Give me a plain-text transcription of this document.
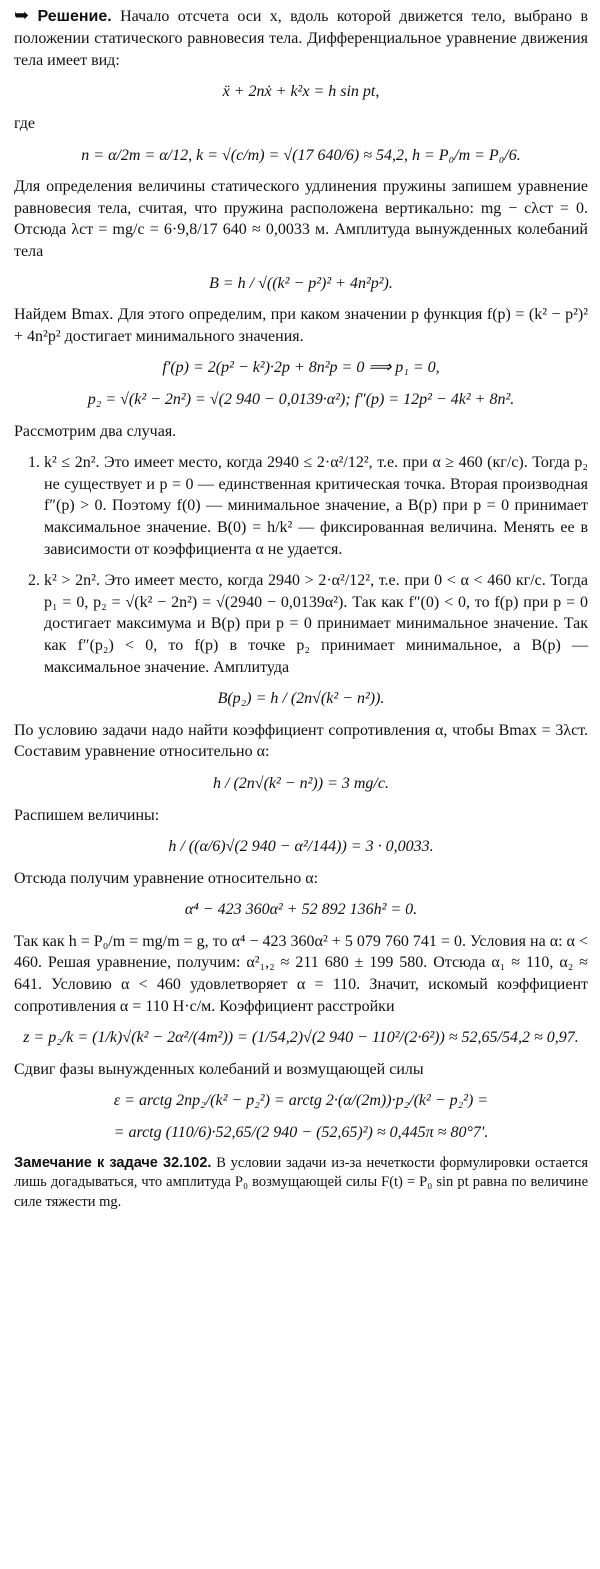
➥ Решение. Начало отсчета оси x, вдоль которой движется тело, выбрано в положении статического равновесия тела. Дифференциальное уравнение движения тела имеет вид:

ẍ + 2nẋ + k²x = h sin pt,

где

n = α/2m = α/12, k = √(c/m) = √(17 640/6) ≈ 54,2, h = P₀/m = P₀/6.

Для определения величины статического удлинения пружины запишем уравнение равновесия тела, считая, что пружина расположена вертикально: mg − cλст = 0. Отсюда λст = mg/c = 6·9,8/17 640 ≈ 0,0033 м. Амплитуда вынужденных колебаний тела

B = h / √((k² − p²)² + 4n²p²).

Найдем Bmax. Для этого определим, при каком значении p функция f(p) = (k² − p²)² + 4n²p² достигает минимального значения.

f′(p) = 2(p² − k²)·2p + 8n²p = 0 ⟹ p₁ = 0,
p₂ = √(k² − 2n²) = √(2 940 − 0,0139·α²); f″(p) = 12p² − 4k² + 8n².

Рассмотрим два случая.

1. k² ≤ 2n². Это имеет место, когда 2940 ≤ 2·α²/12², т.е. при α ≥ 460 (кг/с). Тогда p₂ не существует и p = 0 — единственная критическая точка. Вторая производная f″(p) > 0. Поэтому f(0) — минимальное значение, а B(p) при p = 0 принимает максимальное значение. B(0) = h/k² — фиксированная величина. Менять ее в зависимости от коэффициента α не удается.
2. k² > 2n². Это имеет место, когда 2940 > 2·α²/12², т.е. при 0 < α < 460 кг/с. Тогда p₁ = 0, p₂ = √(k² − 2n²) = √(2940 − 0,0139α²). Так как f″(0) < 0, то f(p) при p = 0 достигает максимума и B(p) при p = 0 принимает минимальное значение. Так как f″(p₂) < 0, то f(p) в точке p₂ принимает минимальное, а B(p) — максимальное значение. Амплитуда
B(p₂) = h / (2n√(k² − n²)).

По условию задачи надо найти коэффициент сопротивления α, чтобы Bmax = 3λст. Составим уравнение относительно α:

h / (2n√(k² − n²)) = 3 mg/c.

Распишем величины:

h / ((α/6)√(2 940 − α²/144)) = 3 · 0,0033.

Отсюда получим уравнение относительно α:

α⁴ − 423 360α² + 52 892 136h² = 0.

Так как h = P₀/m = mg/m = g, то α⁴ − 423 360α² + 5 079 760 741 = 0. Условия на α: α < 460. Решая уравнение, получим: α²₁,₂ ≈ 211 680 ± 199 580. Отсюда α₁ ≈ 110, α₂ ≈ 641. Условию α < 460 удовлетворяет α = 110. Значит, искомый коэффициент сопротивления α = 110 Н·с/м. Коэффициент расстройки

z = p₂/k = (1/k)√(k² − 2α²/(4m²)) = (1/54,2)√(2 940 − 110²/(2·6²)) ≈ 52,65/54,2 ≈ 0,97.

Сдвиг фазы вынужденных колебаний и возмущающей силы

ε = arctg 2np₂/(k² − p₂²) = arctg 2·(α/(2m))·p₂/(k² − p₂²) =
= arctg (110/6)·52,65/(2 940 − (52,65)²) ≈ 0,445π ≈ 80°7′.

Замечание к задаче 32.102. В условии задачи из-за нечеткости формулировки остается лишь догадываться, что амплитуда P₀ возмущающей силы F(t) = P₀ sin pt равна по величине силе тяжести mg.
